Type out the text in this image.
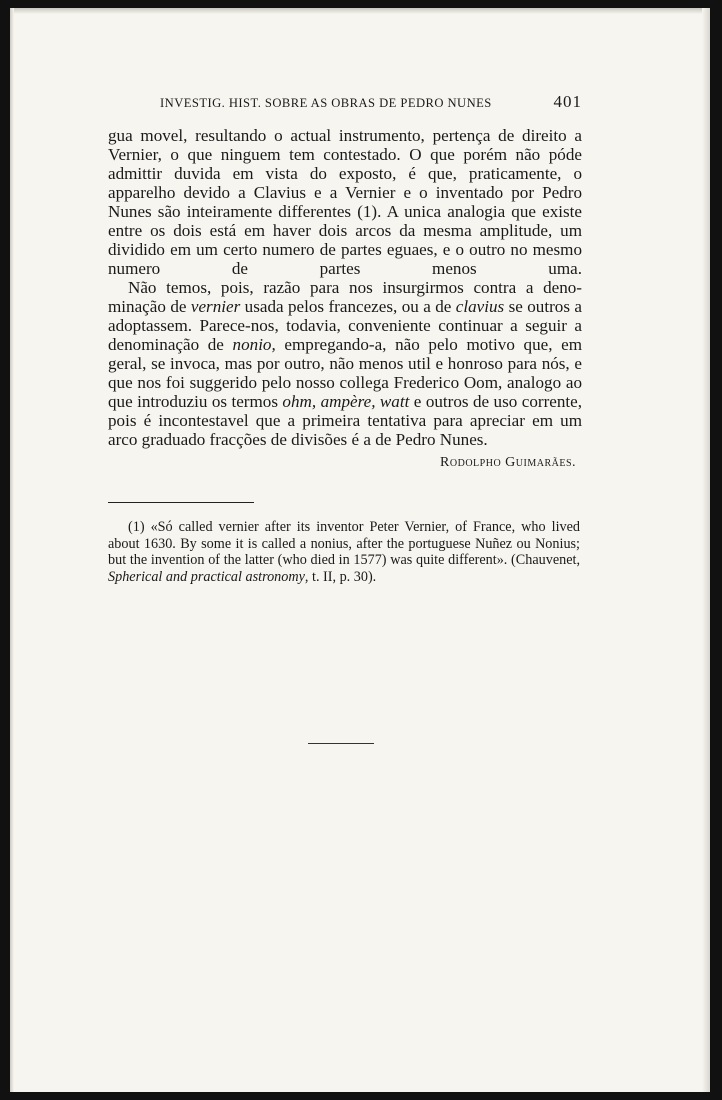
INVESTIG. HIST. SOBRE AS OBRAS DE PEDRO NUNES	401

gua movel, resultando o actual instrumento, pertença de direito a Vernier, o que ninguem tem contestado. O que porém não póde admittir duvida em vista do exposto, é que, praticamente, o apparelho devido a Clavius e a Vernier e o inventado por Pedro Nunes são inteiramente differentes (1). A unica analogia que existe entre os dois está em haver dois arcos da mesma amplitude, um dividido em um certo numero de partes eguaes, e o outro no mesmo numero de partes menos uma.

Não temos, pois, razão para nos insurgirmos contra a denominação de vernier usada pelos francezes, ou a de clavius se outros a adoptassem. Parece-nos, todavia, conveniente continuar a seguir a denominação de nonio, empregando-a, não pelo motivo que, em geral, se invoca, mas por outro, não menos util e honroso para nós, e que nos foi suggerido pelo nosso collega Frederico Oom, analogo ao que introduziu os termos ohm, ampère, watt e outros de uso corrente, pois é incontestavel que a primeira tentativa para apreciar em um arco graduado fracções de divisões é a de Pedro Nunes.

Rodolpho Guimarães.

(1) «Só called vernier after its inventor Peter Vernier, of France, who lived about 1630. By some it is called a nonius, after the portuguese Nuñez ou Nonius; but the invention of the latter (who died in 1577) was quite different». (Chauvenet, Spherical and practical astronomy, t. II, p. 30).
